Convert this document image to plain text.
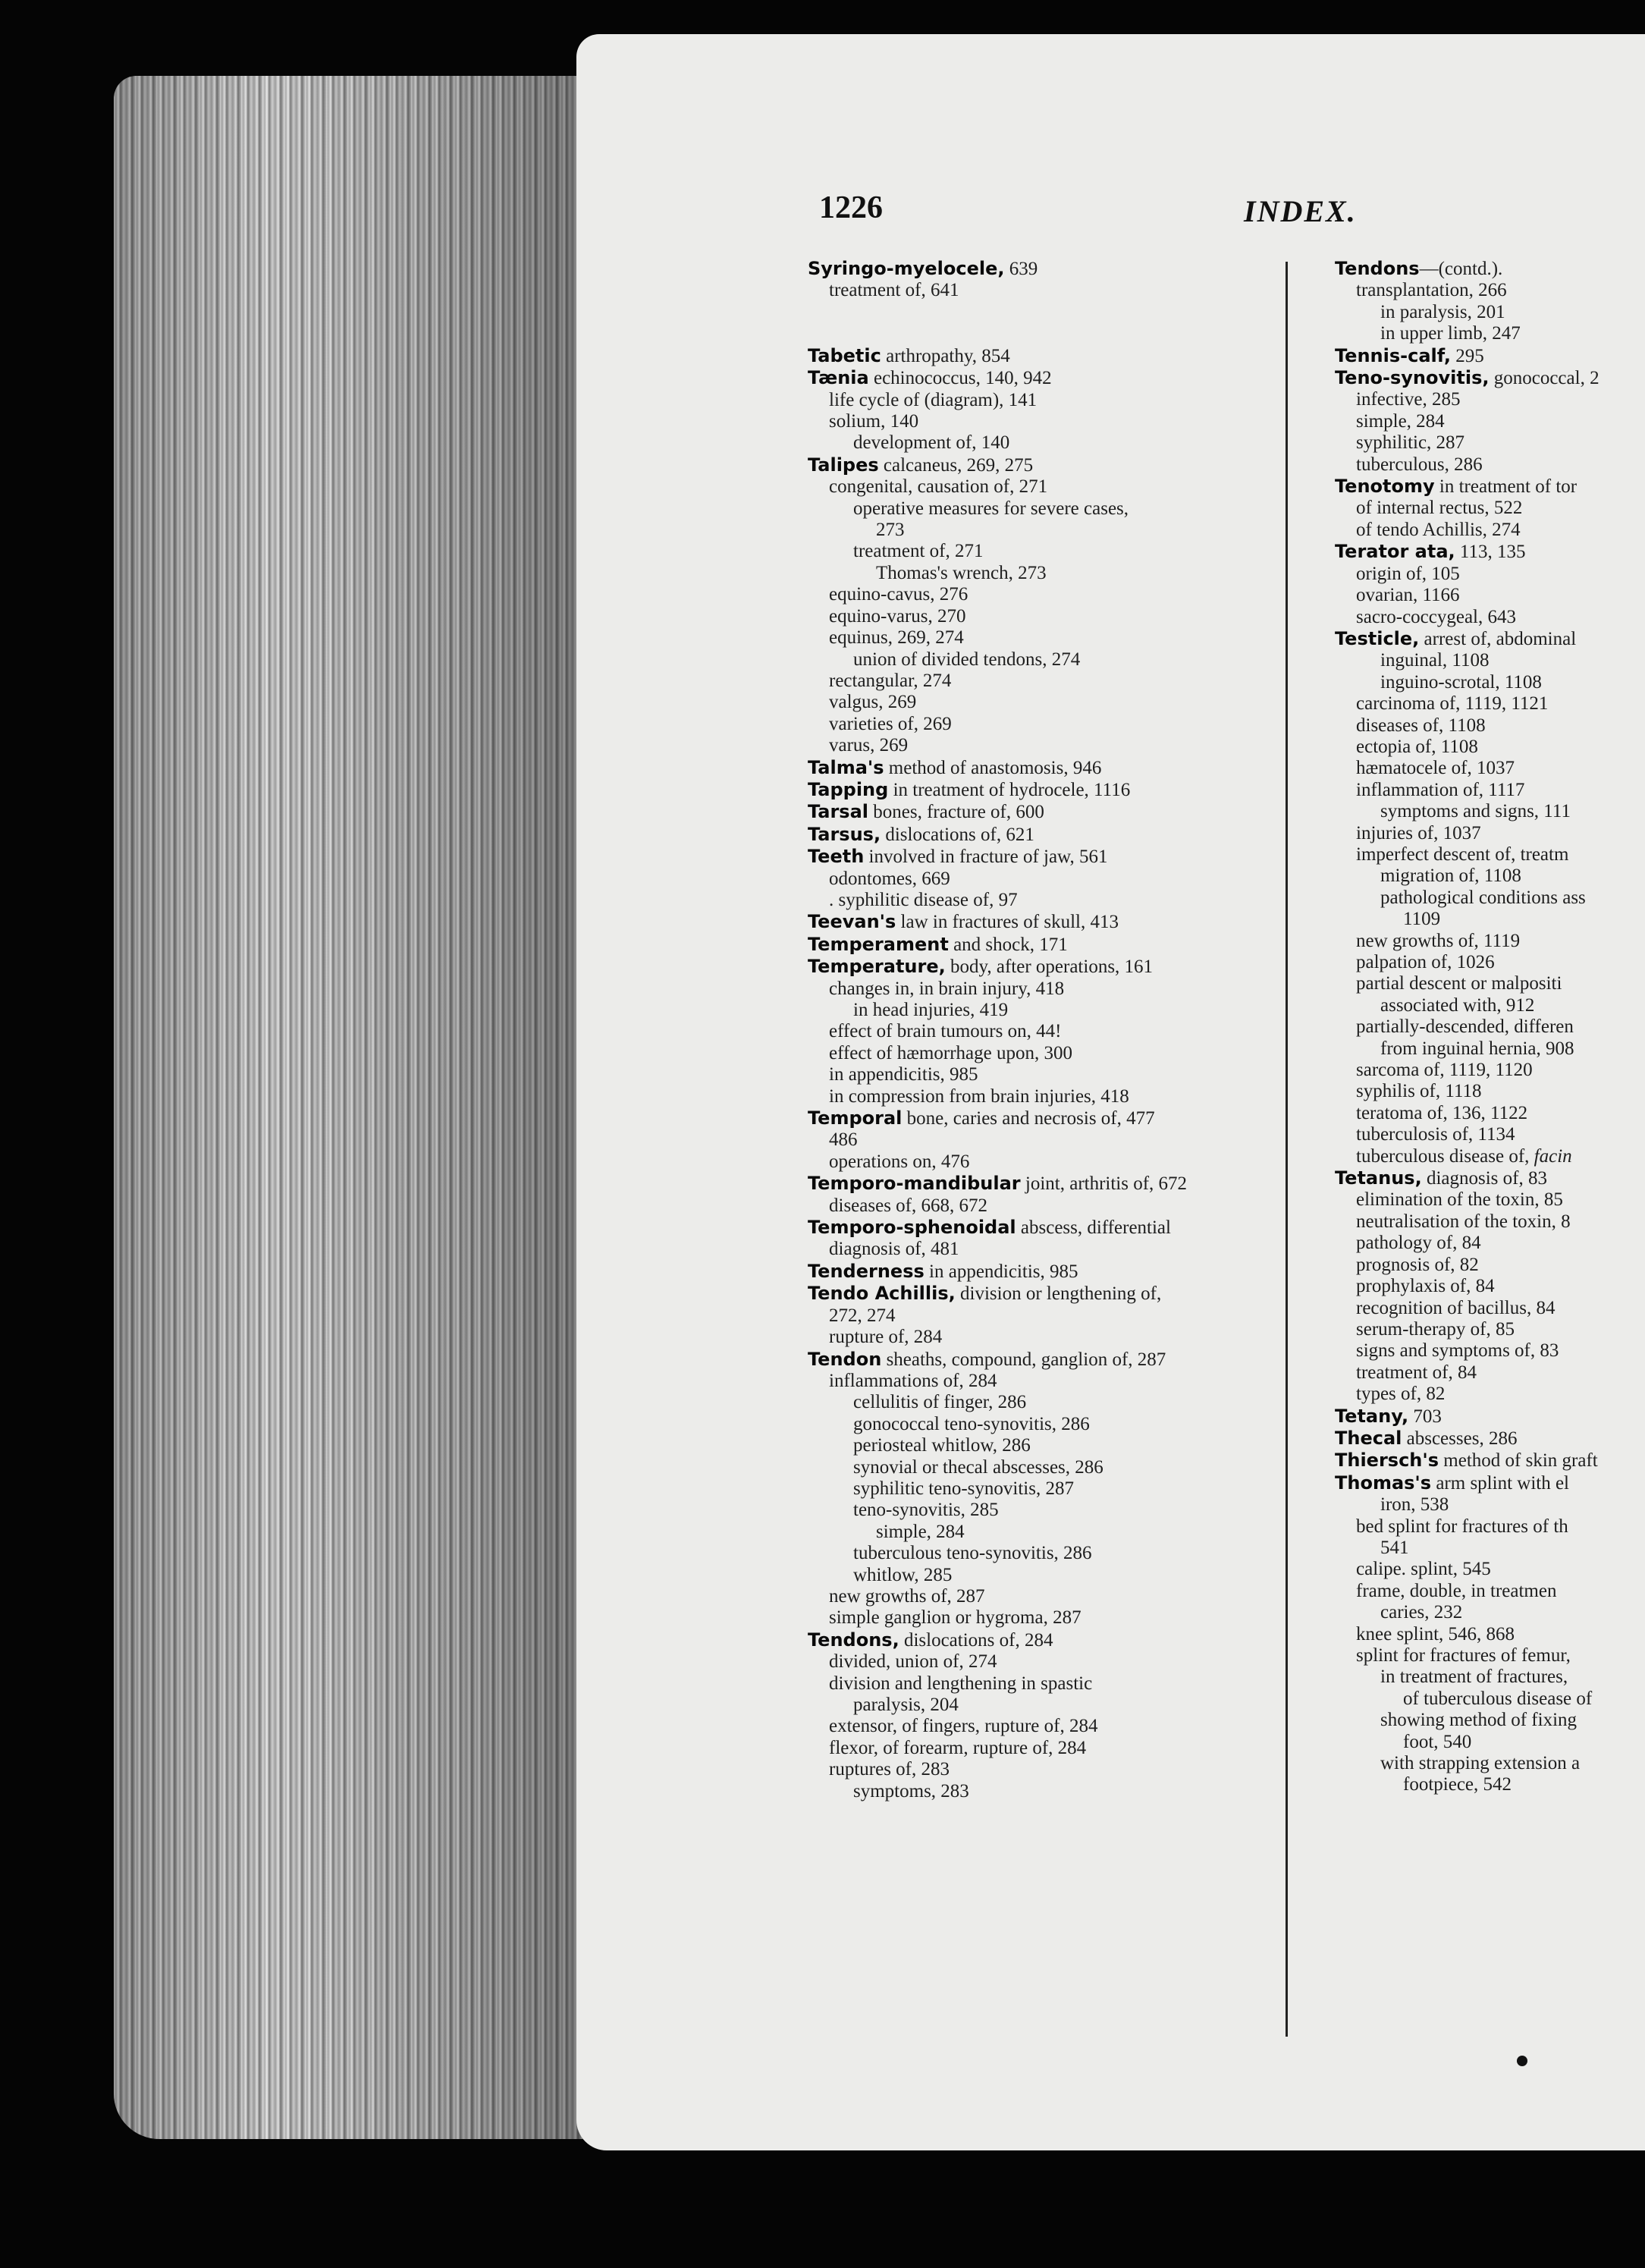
1226	INDEX.
Syringo-myelocele, 639
treatment of, 641
Tabetic arthropathy, 854
Tænia echinococcus, 140, 942
life cycle of (diagram), 141
solium, 140
development of, 140
Talipes calcaneus, 269, 275
congenital, causation of, 271
operative measures for severe cases,
273
treatment of, 271
Thomas's wrench, 273
equino-cavus, 276
equino-varus, 270
equinus, 269, 274
union of divided tendons, 274
rectangular, 274
valgus, 269
varieties of, 269
varus, 269
Talma's method of anastomosis, 946
Tapping in treatment of hydrocele, 1116
Tarsal bones, fracture of, 600
Tarsus, dislocations of, 621
Teeth involved in fracture of jaw, 561
odontomes, 669
. syphilitic disease of, 97
Teevan's law in fractures of skull, 413
Temperament and shock, 171
Temperature, body, after operations, 161
changes in, in brain injury, 418
in head injuries, 419
effect of brain tumours on, 44!
effect of hæmorrhage upon, 300
in appendicitis, 985
in compression from brain injuries, 418
Temporal bone, caries and necrosis of, 477
486
operations on, 476
Temporo-mandibular joint, arthritis of, 672
diseases of, 668, 672
Temporo-sphenoidal abscess, differential
diagnosis of, 481
Tenderness in appendicitis, 985
Tendo Achillis, division or lengthening of,
272, 274
rupture of, 284
Tendon sheaths, compound, ganglion of, 287
inflammations of, 284
cellulitis of finger, 286
gonococcal teno-synovitis, 286
periosteal whitlow, 286
synovial or thecal abscesses, 286
syphilitic teno-synovitis, 287
teno-synovitis, 285
simple, 284
tuberculous teno-synovitis, 286
whitlow, 285
new growths of, 287
simple ganglion or hygroma, 287
Tendons, dislocations of, 284
divided, union of, 274
division and lengthening in spastic
paralysis, 204
extensor, of fingers, rupture of, 284
flexor, of forearm, rupture of, 284
ruptures of, 283
symptoms, 283
Tendons—(contd.).
transplantation, 266
in paralysis, 201
in upper limb, 247
Tennis-calf, 295
Teno-synovitis, gonococcal, 2
infective, 285
simple, 284
syphilitic, 287
tuberculous, 286
Tenotomy in treatment of tor
of internal rectus, 522
of tendo Achillis, 274
Terator ata, 113, 135
origin of, 105
ovarian, 1166
sacro-coccygeal, 643
Testicle, arrest of, abdominal
inguinal, 1108
inguino-scrotal, 1108
carcinoma of, 1119, 1121
diseases of, 1108
ectopia of, 1108
hæmatocele of, 1037
inflammation of, 1117
symptoms and signs, 111
injuries of, 1037
imperfect descent of, treatm
migration of, 1108
pathological conditions ass
1109
new growths of, 1119
palpation of, 1026
partial descent or malpositi
associated with, 912
partially-descended, differen
from inguinal hernia, 908
sarcoma of, 1119, 1120
syphilis of, 1118
teratoma of, 136, 1122
tuberculosis of, 1134
tuberculous disease of, facin
Tetanus, diagnosis of, 83
elimination of the toxin, 85
neutralisation of the toxin, 8
pathology of, 84
prognosis of, 82
prophylaxis of, 84
recognition of bacillus, 84
serum-therapy of, 85
signs and symptoms of, 83
treatment of, 84
types of, 82
Tetany, 703
Thecal abscesses, 286
Thiersch's method of skin graft
Thomas's arm splint with el
iron, 538
bed splint for fractures of th
541
calipe. splint, 545
frame, double, in treatmen
caries, 232
knee splint, 546, 868
splint for fractures of femur,
in treatment of fractures,
of tuberculous disease of
showing method of fixing
foot, 540
with strapping extension a
footpiece, 542
